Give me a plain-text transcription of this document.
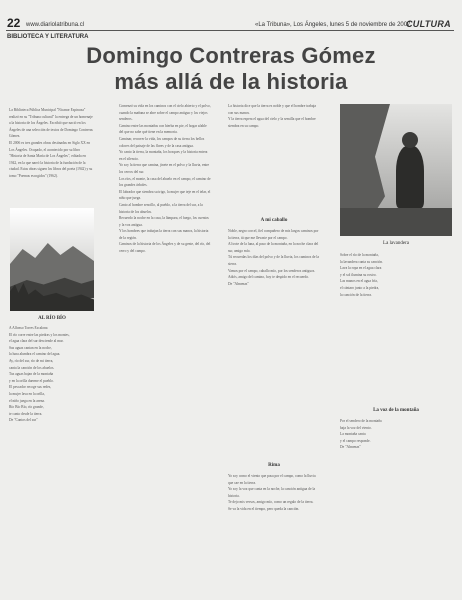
22 www.diariolatribuna.cl	«La Tribuna», Los Ángeles, lunes 5 de noviembre de 2007
CULTURA
BIBLIOTECA Y LITERATURA
Domingo Contreras Gómez
más allá de la historia
La Biblioteca Pública Municipal "Nicanor Espinoza" realizó en su "Tribuna cultural" la entrega de un homenaje a la historia de los Ángeles. Escribió que nació en los Ángeles de una selección de textos de Domingo Contreras Gómez.
El 2006 es tres grandes obras destinadas en Siglo XX en Los Ángeles. Ocupado, el acontecido por su libro "Historia de Santa María de Los Ángeles", editada en 1942, en la que narró la historia de la fundación de la ciudad. Estas obras siguen los libros del poeta (1942) y su tomo "Poemas escogidos" (1962).
AL RÍO BÍO
A Alfonso Torres Escalona
El río corre entre las piedras y los montes,
el agua clara del sur desciende al mar.
Sus aguas cantan en la noche,
la luna alumbra el camino del agua.
Ay, río del sur, río de mi tierra,
canta la canción de los abuelos.
Tus aguas bajan de la montaña
y en la orilla duerme el pueblo.
El pescador recoge sus redes,
la mujer lava en la orilla,
el niño juega en la arena.
Río Bío Bío, río grande,
te canto desde la tierra.
De "Cantos del sur"
Comenzó su vida en los caminos con el cielo abierto y el polvo, cuando la mañana se abre sobre el campo antiguo y los viejos senderos.
Camino entre las montañas con hierba en pie, el hogar afable del que no sabe qué tiene en la memoria.
Caminar, recorrer la vida, los campos de su tierra los bellos colores del paisaje de las flores y de la casa antigua.
Yo canto la tierra, la montaña, los bosques y la historia entera en el silencio.
Yo soy la tierra que camina, jinete en el polvo y la lluvia, entre los cerros del sur.
Los ríos, el monte, la casa del abuelo en el campo, el camino de los grandes árboles.
El labrador que siembra su trigo, la mujer que teje en el telar, el niño que juega.
Canto al hombre sencillo, al pueblo, a la tierra del sur, a la historia de los abuelos.
Recuerdo la noche en la casa, la lámpara, el fuego, los cuentos y la voz antigua.
Y los hombres que trabajan la tierra con sus manos, la historia de la región.
Caminos de la historia de los Ángeles y de su gente, del río, del cerro y del campo.
La historia dice que la tierra es noble y que el hombre trabaja con sus manos.
Y la tierra espera el agua del cielo y la semilla que el hombre siembra en su campo.
A mi caballo
Noble, negro corcel, fiel compañero de mis largos caminos por la tierra, tú que me llevaste por el campo.
Al trote de la luna, al paso de la montaña, en la noche clara del sur, amigo mío.
Tú recuerdas los días del polvo y de la lluvia, los caminos de la sierra.
Vamos por el campo, caballo mío, por los senderos antiguos.
Adiós, amigo del camino, hoy te despido en el recuerdo.
De "Almenas"
Rima
Yo soy como el viento que pasa por el campo, como la lluvia que cae en la tierra.
Yo soy la voz que canta en la noche, la canción antigua de la historia.
Te dejo mis versos, amigo mío, como un regalo de la tierra.
Se va la vida en el tiempo, pero queda la canción.
La lavandera
Sobre el río de la montaña,
la lavandera canta su canción.
Lava la ropa en el agua clara
y el sol ilumina su rostro.
Las manos en el agua fría,
el cántaro junto a la piedra,
la canción de la tierra.
La voz de la montaña
Por el sendero de la montaña
baja la voz del viento.
La montaña canta
y el campo responde.
De "Almenas"
